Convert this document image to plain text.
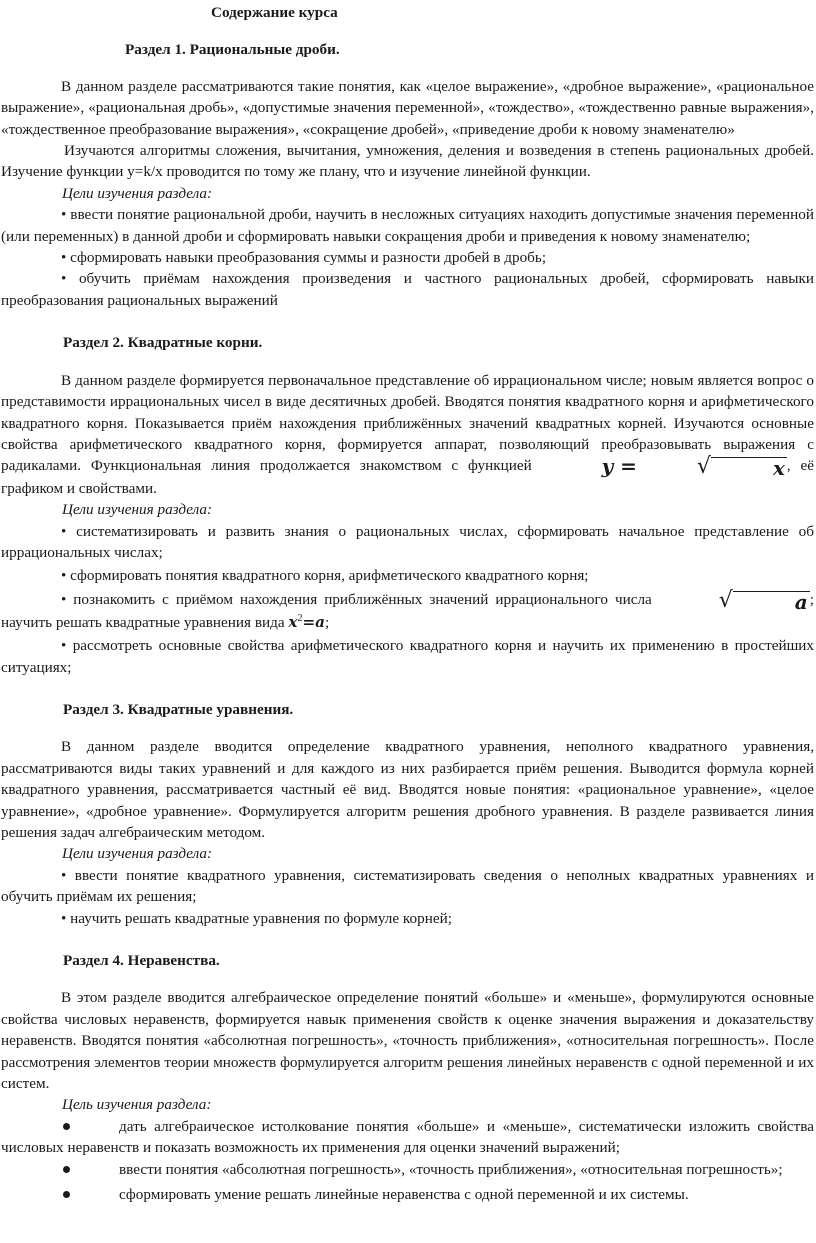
Содержание курса

Раздел 1. Рациональные дроби.

В данном разделе рассматриваются такие понятия, как «целое выражение», «дробное выражение», «рациональное выражение», «рациональная дробь», «допустимые значения переменной», «тождество», «тождественно равные выражения», «тождественное преобразование выражения», «сокращение дробей», «приведение дроби к новому знаменателю»

Изучаются алгоритмы сложения, вычитания, умножения, деления и возведения в степень рациональных дробей. Изучение функции y=k/x проводится по тому же плану, что и изучение линейной функции.

Цели изучения раздела:

• ввести понятие рациональной дроби, научить в несложных ситуациях находить допустимые значения переменной (или переменных) в данной дроби и сформировать навыки сокращения дроби и приведения к новому знаменателю;

• сформировать навыки преобразования суммы и разности дробей в дробь;

• обучить приёмам нахождения произведения и частного рациональных дробей, сформировать навыки преобразования рациональных выражений

Раздел 2. Квадратные корни.

В данном разделе формируется первоначальное представление об иррациональном числе; новым является вопрос о представимости иррациональных чисел в виде десятичных дробей. Вводятся понятия квадратного корня и арифметического квадратного корня. Показывается приём нахождения приближённых значений квадратных корней. Изучаются основные свойства арифметического квадратного корня, формируется аппарат, позволяющий преобразовывать выражения с радикалами. Функциональная линия продолжается знакомством с функцией	y =	√	x , её графиком и свойствами.

Цели изучения раздела:

• систематизировать и развить знания о рациональных числах, сформировать начальное представление об иррациональных числах;

• сформировать понятия квадратного корня, арифметического квадратного корня;

• познакомить с приёмом нахождения приближённых значений иррационального числа	√	a ; научить решать квадратные уравнения вида $x^2=a$;

• рассмотреть основные свойства арифметического квадратного корня и научить их применению в простейших ситуациях;

Раздел 3. Квадратные уравнения.

В данном разделе вводится определение квадратного уравнения, неполного квадратного уравнения, рассматриваются виды таких уравнений и для каждого из них разбирается приём решения. Выводится формула корней квадратного уравнения, рассматривается частный её вид. Вводятся новые понятия: «рациональное уравнение», «целое уравнение», «дробное уравнение». Формулируется алгоритм решения дробного уравнения. В разделе развивается линия решения задач алгебраическим методом.

Цели изучения раздела:

• ввести понятие квадратного уравнения, систематизировать сведения о неполных квадратных уравнениях и обучить приёмам их решения;

• научить решать квадратные уравнения по формуле корней;

Раздел 4. Неравенства.

В этом разделе вводится алгебраическое определение понятий «больше» и «меньше», формулируются основные свойства числовых неравенств, формируется навык применения свойств к оценке значения выражения и доказательству неравенств. Вводятся понятия «абсолютная погрешность», «точность приближения», «относительная погрешность». После рассмотрения элементов теории множеств формулируется алгоритм решения линейных неравенств с одной переменной и их систем.

Цель изучения раздела:

дать алгебраическое истолкование понятия «больше» и «меньше», систематически изложить свойства числовых неравенств и показать возможность их применения для оценки значений выражений;
ввести понятия «абсолютная погрешность», «точность приближения», «относительная погрешность»;
сформировать умение решать линейные неравенства с одной переменной и их системы.
